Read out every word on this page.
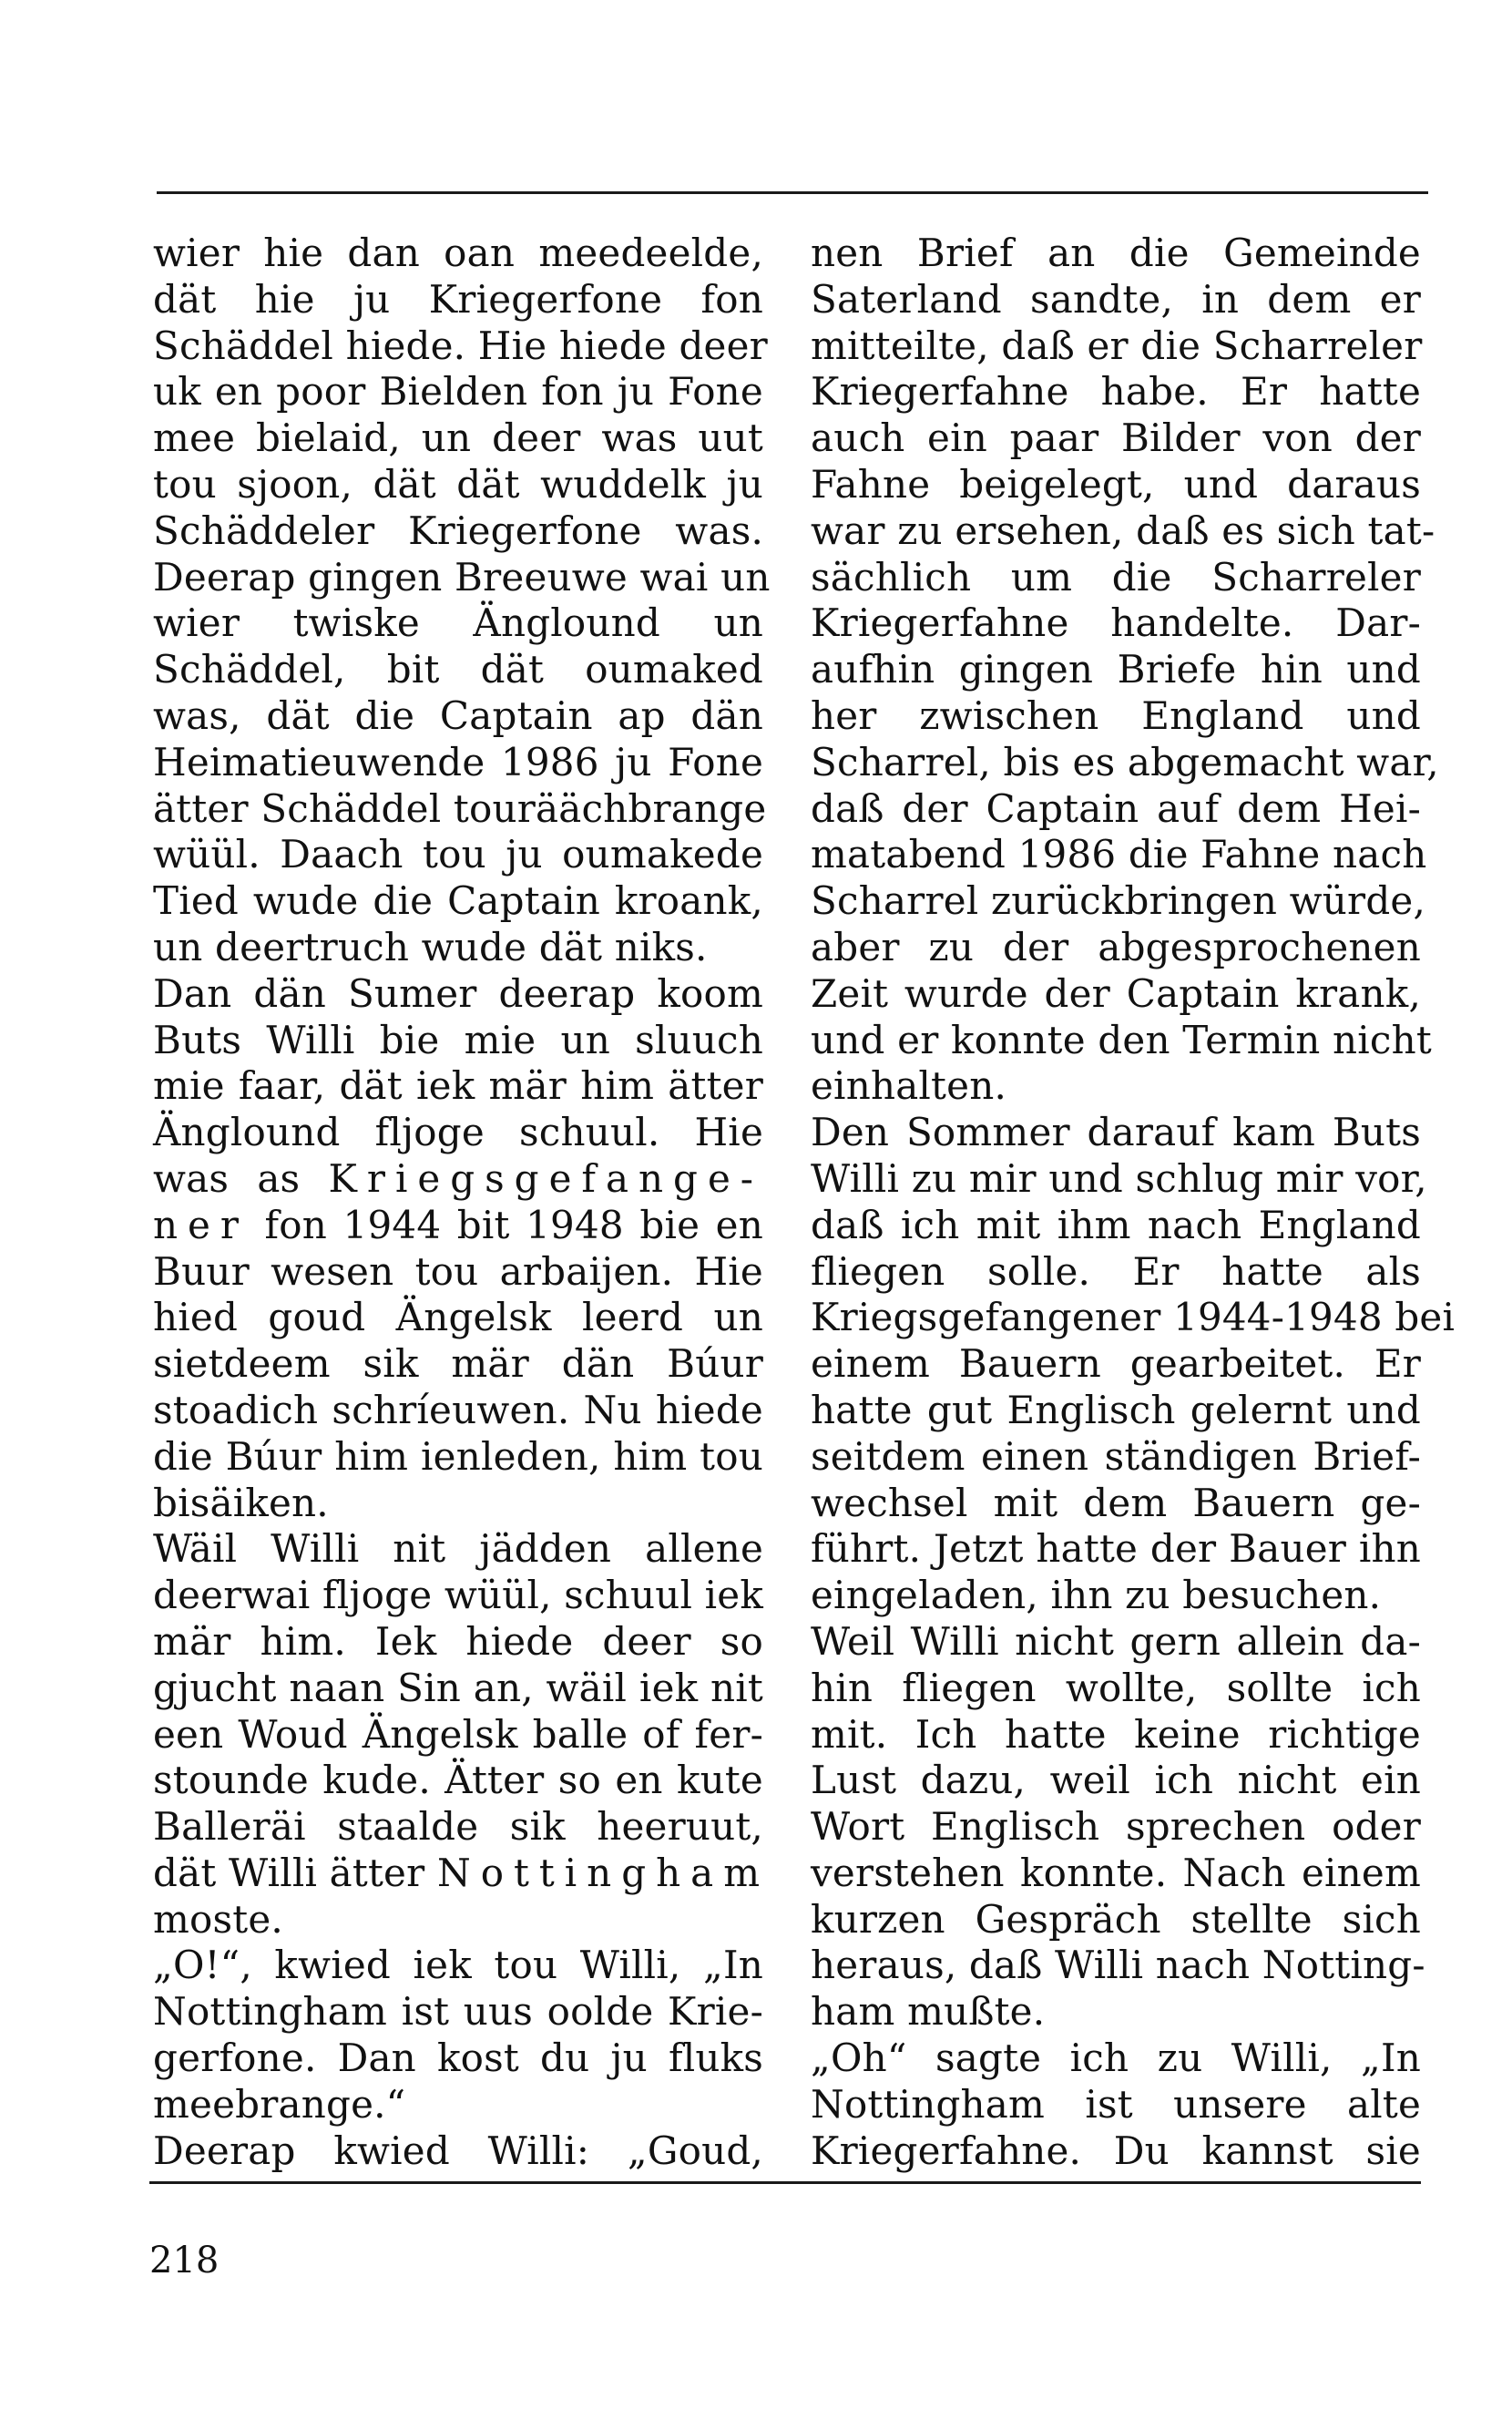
wier hie dan oan meedeelde,
dät hie ju Kriegerfone fon
Schäddel hiede. Hie hiede deer
uk en poor Bielden fon ju Fone
mee bielaid, un deer was uut
tou sjoon, dät dät wuddelk ju
Schäddeler Kriegerfone was.
Deerap gingen Breeuwe wai un
wier twiske Änglound un
Schäddel, bit dät oumaked
was, dät die Captain ap dän
Heimatieuwende 1986 ju Fone
ätter Schäddel touräächbrange
wüül. Daach tou ju oumakede
Tied wude die Captain kroank,
un deertruch wude dät niks.
Dan dän Sumer deerap koom
Buts Willi bie mie un sluuch
mie faar, dät iek mär him ätter
Änglound fljoge schuul. Hie
was as Kriegsgefange-
ner fon 1944 bit 1948 bie en
Buur wesen tou arbaijen. Hie
hied goud Ängelsk leerd un
sietdeem sik mär dän Búur
stoadich schríeuwen. Nu hiede
die Búur him ienleden, him tou
bisäiken.
Wäil Willi nit jädden allene
deerwai fljoge wüül, schuul iek
mär him. Iek hiede deer so
gjucht naan Sin an, wäil iek nit
een Woud Ängelsk balle of fer-
stounde kude. Ätter so en kute
Balleräi staalde sik heeruut,
dät Willi ätter Nottingham
moste.
„O!“, kwied iek tou Willi, „In
Nottingham ist uus oolde Krie-
gerfone. Dan kost du ju fluks
meebrange.“
Deerap kwied Willi: „Goud,
nen Brief an die Gemeinde
Saterland sandte, in dem er
mitteilte, daß er die Scharreler
Kriegerfahne habe. Er hatte
auch ein paar Bilder von der
Fahne beigelegt, und daraus
war zu ersehen, daß es sich tat-
sächlich um die Scharreler
Kriegerfahne handelte. Dar-
aufhin gingen Briefe hin und
her zwischen England und
Scharrel, bis es abgemacht war,
daß der Captain auf dem Hei-
matabend 1986 die Fahne nach
Scharrel zurückbringen würde,
aber zu der abgesprochenen
Zeit wurde der Captain krank,
und er konnte den Termin nicht
einhalten.
Den Sommer darauf kam Buts
Willi zu mir und schlug mir vor,
daß ich mit ihm nach England
fliegen solle. Er hatte als
Kriegsgefangener 1944-1948 bei
einem Bauern gearbeitet. Er
hatte gut Englisch gelernt und
seitdem einen ständigen Brief-
wechsel mit dem Bauern ge-
führt. Jetzt hatte der Bauer ihn
eingeladen, ihn zu besuchen.
Weil Willi nicht gern allein da-
hin fliegen wollte, sollte ich
mit. Ich hatte keine richtige
Lust dazu, weil ich nicht ein
Wort Englisch sprechen oder
verstehen konnte. Nach einem
kurzen Gespräch stellte sich
heraus, daß Willi nach Notting-
ham mußte.
„Oh“ sagte ich zu Willi, „In
Nottingham ist unsere alte
Kriegerfahne. Du kannst sie
218
